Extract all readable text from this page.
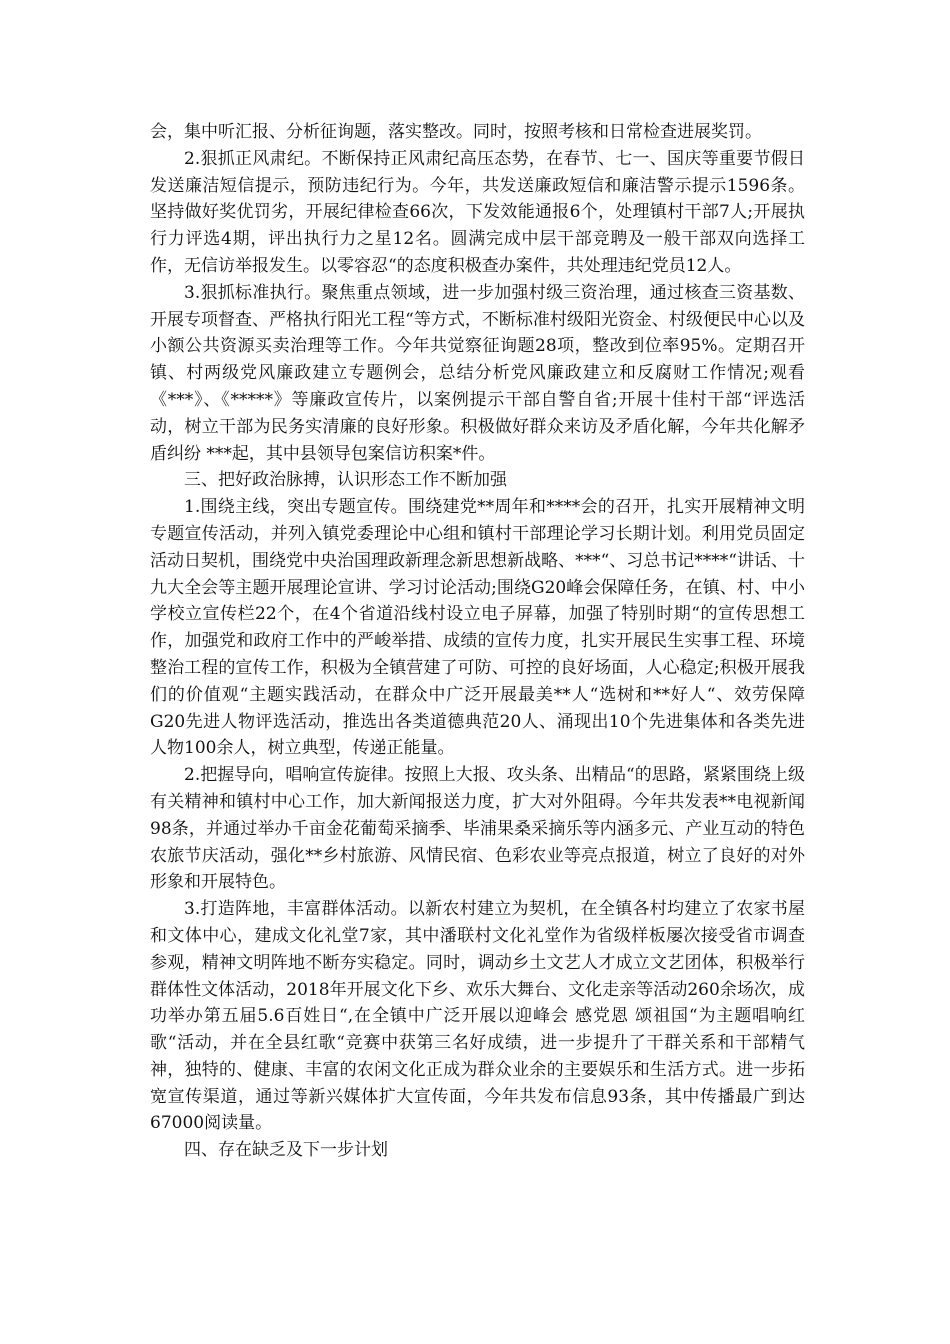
会，集中听汇报、分析征询题，落实整改。同时，按照考核和日常检查进展奖罚。

2.狠抓正风肃纪。不断保持正风肃纪高压态势，在春节、七一、国庆等重要节假日发送廉洁短信提示，预防违纪行为。今年，共发送廉政短信和廉洁警示提示1596条。坚持做好奖优罚劣，开展纪律检查66次，下发效能通报6个，处理镇村干部7人;开展执行力评选4期，评出执行力之星12名。圆满完成中层干部竞聘及一般干部双向选择工作，无信访举报发生。以零容忍“的态度积极查办案件，共处理违纪党员12人。

3.狠抓标准执行。聚焦重点领域，进一步加强村级三资治理，通过核查三资基数、开展专项督查、严格执行阳光工程“等方式，不断标准村级阳光资金、村级便民中心以及小额公共资源买卖治理等工作。今年共觉察征询题28项，整改到位率95%。定期召开镇、村两级党风廉政建立专题例会，总结分析党风廉政建立和反腐财工作情况;观看《***》、《*****》等廉政宣传片，以案例提示干部自警自省;开展十佳村干部“评选活动，树立干部为民务实清廉的良好形象。积极做好群众来访及矛盾化解，今年共化解矛盾纠纷 ***起，其中县领导包案信访积案*件。

三、把好政治脉搏，认识形态工作不断加强

1.围绕主线，突出专题宣传。围绕建党**周年和****会的召开，扎实开展精神文明专题宣传活动，并列入镇党委理论中心组和镇村干部理论学习长期计划。利用党员固定活动日契机，围绕党中央治国理政新理念新思想新战略、***“、习总书记****“讲话、十九大全会等主题开展理论宣讲、学习讨论活动;围绕G20峰会保障任务，在镇、村、中小学校立宣传栏22个，在4个省道沿线村设立电子屏幕，加强了特别时期“的宣传思想工作，加强党和政府工作中的严峻举措、成绩的宣传力度，扎实开展民生实事工程、环境整治工程的宣传工作，积极为全镇营建了可防、可控的良好场面，人心稳定;积极开展我们的价值观“主题实践活动，在群众中广泛开展最美**人“选树和**好人“、效劳保障G20先进人物评选活动，推选出各类道德典范20人、涌现出10个先进集体和各类先进人物100余人，树立典型，传递正能量。

2.把握导向，唱响宣传旋律。按照上大报、攻头条、出精品“的思路，紧紧围绕上级有关精神和镇村中心工作，加大新闻报送力度，扩大对外阻碍。今年共发表**电视新闻98条，并通过举办千亩金花葡萄采摘季、毕浦果桑采摘乐等内涵多元、产业互动的特色农旅节庆活动，强化**乡村旅游、风情民宿、色彩农业等亮点报道，树立了良好的对外形象和开展特色。

3.打造阵地，丰富群体活动。以新农村建立为契机，在全镇各村均建立了农家书屋和文体中心，建成文化礼堂7家，其中潘联村文化礼堂作为省级样板屡次接受省市调查参观，精神文明阵地不断夯实稳定。同时，调动乡土文艺人才成立文艺团体，积极举行群体性文体活动，2018年开展文化下乡、欢乐大舞台、文化走亲等活动260余场次，成功举办第五届5.6百姓日“,在全镇中广泛开展以迎峰会 感党恩 颂祖国“为主题唱响红歌“活动，并在全县红歌“竞赛中获第三名好成绩，进一步提升了干群关系和干部精气神，独特的、健康、丰富的农闲文化正成为群众业余的主要娱乐和生活方式。进一步拓宽宣传渠道，通过等新兴媒体扩大宣传面，今年共发布信息93条，其中传播最广到达67000阅读量。

四、存在缺乏及下一步计划
